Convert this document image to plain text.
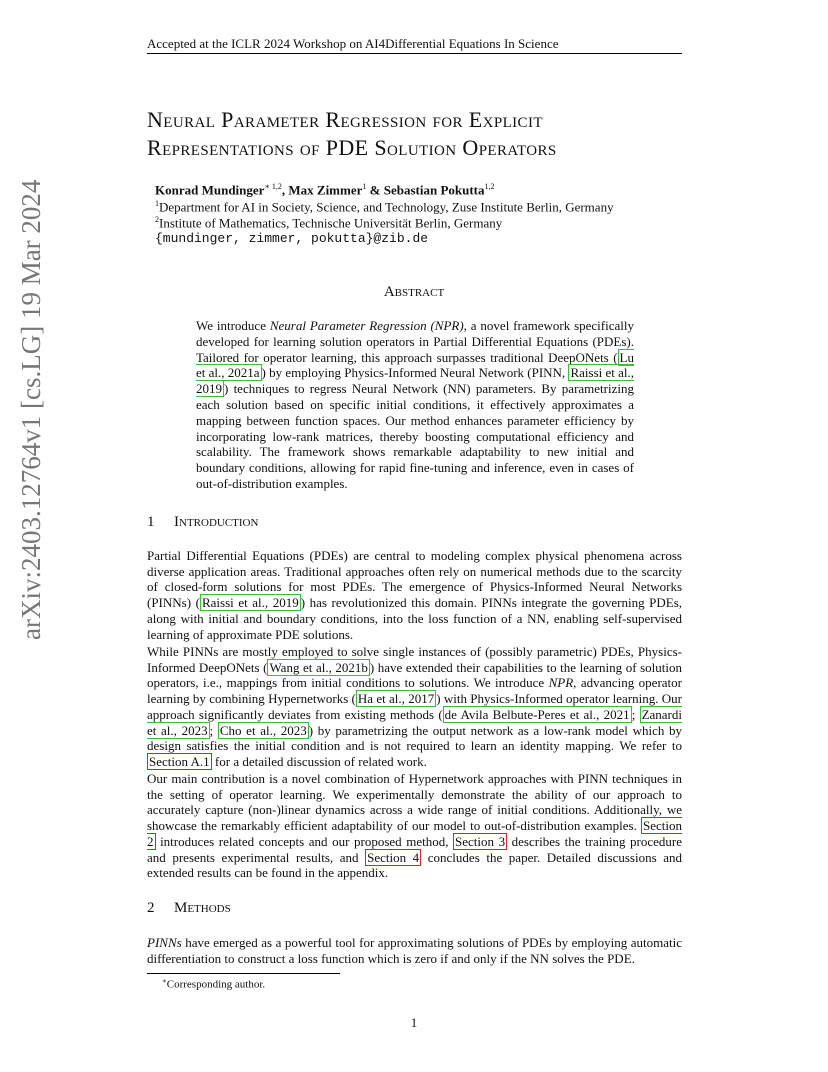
Accepted at the ICLR 2024 Workshop on AI4Differential Equations In Science
arXiv:2403.12764v1 [cs.LG] 19 Mar 2024
Neural Parameter Regression for Explicit
Representations of PDE Solution Operators
Konrad Mundinger$^{∗ 1,2}$, Max Zimmer$^1$ & Sebastian Pokutta$^{1,2}$
$^1$Department for AI in Society, Science, and Technology, Zuse Institute Berlin, Germany
$^2$Institute of Mathematics, Technische Universität Berlin, Germany
{mundinger, zimmer, pokutta}@zib.de
Abstract
We introduce Neural Parameter Regression (NPR), a novel framework specifically developed for learning solution operators in Partial Differential Equations (PDEs). Tailored for operator learning, this approach surpasses traditional DeepONets ( Lu et al., 2021a ) by employing Physics-Informed Neural Network (PINN, Raissi et al., 2019 ) techniques to regress Neural Network (NN) parameters. By parametrizing each solution based on specific initial conditions, it effectively approximates a mapping between function spaces. Our method enhances parameter efficiency by incorporating low-rank matrices, thereby boosting computational efficiency and scalability. The framework shows remarkable adaptability to new initial and boundary conditions, allowing for rapid fine-tuning and inference, even in cases of out-of-distribution examples.
1 Introduction
Partial Differential Equations (PDEs) are central to modeling complex physical phenomena across diverse application areas. Traditional approaches often rely on numerical methods due to the scarcity of closed-form solutions for most PDEs. The emergence of Physics-Informed Neural Networks (PINNs) ( Raissi et al., 2019 ) has revolutionized this domain. PINNs integrate the governing PDEs, along with initial and boundary conditions, into the loss function of a NN, enabling self-supervised learning of approximate PDE solutions.
While PINNs are mostly employed to solve single instances of (possibly parametric) PDEs, Physics-Informed DeepONets ( Wang et al., 2021b ) have extended their capabilities to the learning of solution operators, i.e., mappings from initial conditions to solutions. We introduce NPR, advancing operator learning by combining Hypernetworks ( Ha et al., 2017 ) with Physics-Informed operator learning. Our approach significantly deviates from existing methods ( de Avila Belbute-Peres et al., 2021 ; Zanardi et al., 2023 ; Cho et al., 2023 ) by parametrizing the output network as a low-rank model which by design satisfies the initial condition and is not required to learn an identity mapping. We refer to Section A.1 for a detailed discussion of related work.
Our main contribution is a novel combination of Hypernetwork approaches with PINN techniques in the setting of operator learning. We experimentally demonstrate the ability of our approach to accurately capture (non-)linear dynamics across a wide range of initial conditions. Additionally, we showcase the remarkably efficient adaptability of our model to out-of-distribution examples. Section 2 introduces related concepts and our proposed method, Section 3 describes the training procedure and presents experimental results, and Section 4 concludes the paper. Detailed discussions and extended results can be found in the appendix.
2 Methods
PINNs have emerged as a powerful tool for approximating solutions of PDEs by employing automatic differentiation to construct a loss function which is zero if and only if the NN solves the PDE.
∗Corresponding author.
1
